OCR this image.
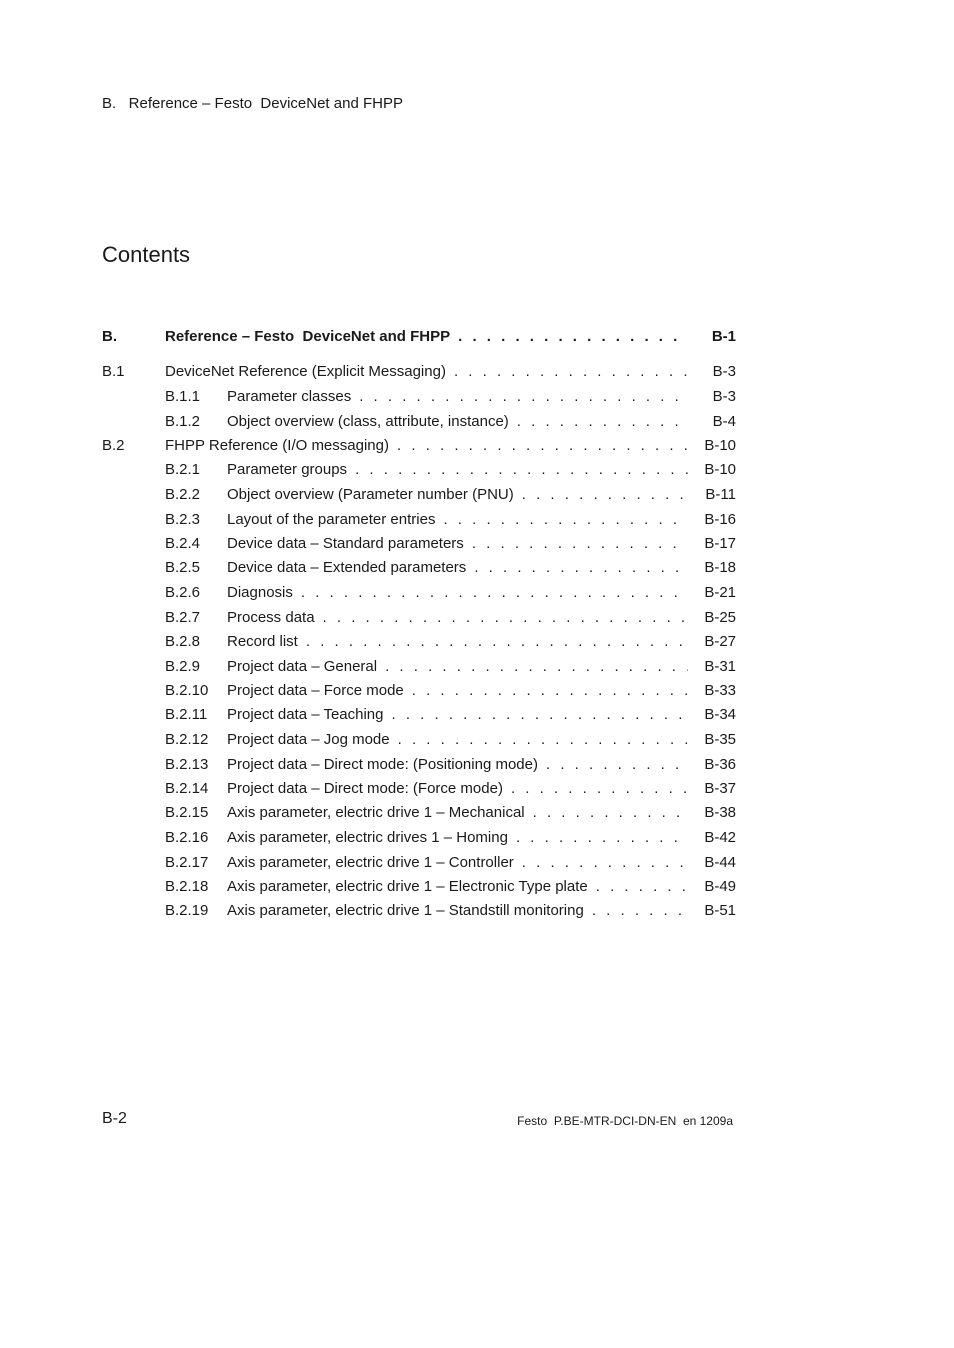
B.   Reference – Festo  DeviceNet and FHPP
Contents
B.	Reference – Festo  DeviceNet and FHPP . . .	B-1
B.1	DeviceNet Reference (Explicit Messaging) . . .	B-3
B.1.1 Parameter classes . . .	B-3
B.1.2 Object overview (class, attribute, instance) . . .	B-4
B.2	FHPP Reference (I/O messaging) . . .	B-10
B.2.1 Parameter groups . . .	B-10
B.2.2 Object overview (Parameter number (PNU) . . .	B-11
B.2.3 Layout of the parameter entries . . .	B-16
B.2.4 Device data – Standard parameters . . .	B-17
B.2.5 Device data – Extended parameters . . .	B-18
B.2.6 Diagnosis . . .	B-21
B.2.7 Process data . . .	B-25
B.2.8 Record list . . .	B-27
B.2.9 Project data – General . . .	B-31
B.2.10 Project data – Force mode . . .	B-33
B.2.11 Project data – Teaching . . .	B-34
B.2.12 Project data – Jog mode . . .	B-35
B.2.13 Project data – Direct mode: (Positioning mode) . . .	B-36
B.2.14 Project data – Direct mode: (Force mode) . . .	B-37
B.2.15 Axis parameter, electric drive 1 – Mechanical . . .	B-38
B.2.16 Axis parameter, electric drives 1 – Homing . . .	B-42
B.2.17 Axis parameter, electric drive 1 – Controller . . .	B-44
B.2.18 Axis parameter, electric drive 1 – Electronic Type plate . . .	B-49
B.2.19 Axis parameter, electric drive 1 – Standstill monitoring . . .	B-51
B-2	Festo  P.BE-MTR-DCI-DN-EN  en 1209a
